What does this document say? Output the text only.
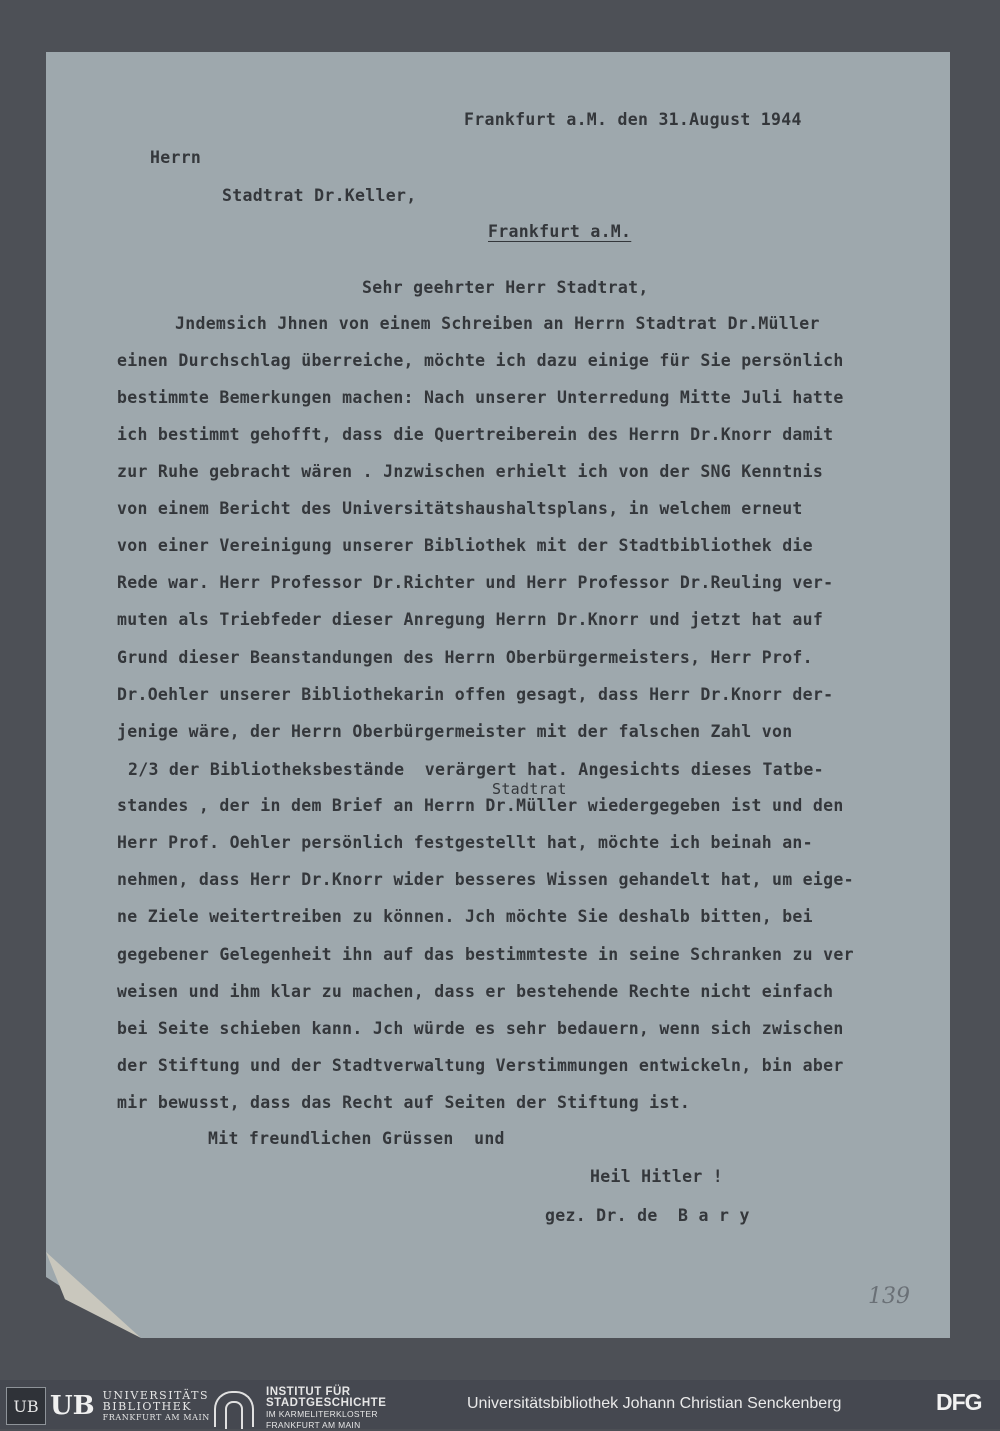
Frankfurt a.M. den 31.August 1944
Herrn
Stadtrat Dr.Keller,
Frankfurt a.M.
Sehr geehrter Herr Stadtrat,
Jndemsich Jhnen von einem Schreiben an Herrn Stadtrat Dr.Müller
einen Durchschlag überreiche, möchte ich dazu einige für Sie persönlich
bestimmte Bemerkungen machen: Nach unserer Unterredung Mitte Juli hatte
ich bestimmt gehofft, dass die Quertreiberein des Herrn Dr.Knorr damit
zur Ruhe gebracht wären . Jnzwischen erhielt ich von der SNG Kenntnis
von einem Bericht des Universitätshaushaltsplans, in welchem erneut
von einer Vereinigung unserer Bibliothek mit der Stadtbibliothek die
Rede war. Herr Professor Dr.Richter und Herr Professor Dr.Reuling ver-
muten als Triebfeder dieser Anregung Herrn Dr.Knorr und jetzt hat auf
Grund dieser Beanstandungen des Herrn Oberbürgermeisters, Herr Prof.
Dr.Oehler unserer Bibliothekarin offen gesagt, dass Herr Dr.Knorr der-
jenige wäre, der Herrn Oberbürgermeister mit der falschen Zahl von
2/3 der Bibliotheksbestände  verärgert hat. Angesichts dieses Tatbe-
Stadtrat
standes , der in dem Brief an Herrn Dr.Müller wiedergegeben ist und den
Herr Prof. Oehler persönlich festgestellt hat, möchte ich beinah an-
nehmen, dass Herr Dr.Knorr wider besseres Wissen gehandelt hat, um eige-
ne Ziele weitertreiben zu können. Jch möchte Sie deshalb bitten, bei
gegebener Gelegenheit ihn auf das bestimmteste in seine Schranken zu ver
weisen und ihm klar zu machen, dass er bestehende Rechte nicht einfach
bei Seite schieben kann. Jch würde es sehr bedauern, wenn sich zwischen
der Stiftung und der Stadtverwaltung Verstimmungen entwickeln, bin aber
mir bewusst, dass das Recht auf Seiten der Stiftung ist.
Mit freundlichen Grüssen  und
Heil Hitler !
gez. Dr. de  B a r y
139
UB UB UNIVERSITÄTS
BIBLIOTHEK
FRANKFURT AM MAIN
INSTITUT FÜR
STADTGESCHICHTE
IM KARMELITERKLOSTER
FRANKFURT AM MAIN
Universitätsbibliothek Johann Christian Senckenberg	DFG
